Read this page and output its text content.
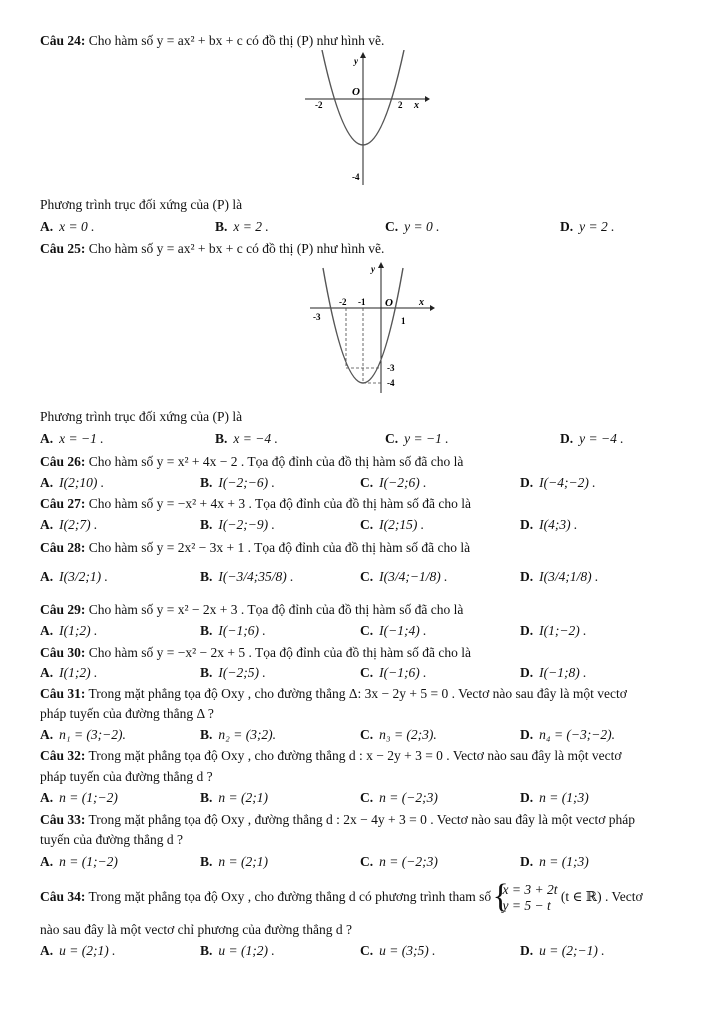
Câu 24: Cho hàm số y = ax² + bx + c có đồ thị (P) như hình vẽ.
y
x
O
-2	2
-4
Phương trình trục đối xứng của (P) là
A. x = 0 .	B. x = 2 .	C. y = 0 .	D. y = 2 .
Câu 25: Cho hàm số y = ax² + bx + c có đồ thị (P) như hình vẽ.
y
x
O
-3
-2 -1
1
-3
-4
Phương trình trục đối xứng của (P) là
A. x = −1 .	B. x = −4 .	C. y = −1 .	D. y = −4 .
Câu 26: Cho hàm số y = x² + 4x − 2 . Tọa độ đỉnh của đồ thị hàm số đã cho là
A. I(2;10) .	B. I(−2;−6) .	C. I(−2;6) .	D. I(−4;−2) .
Câu 27: Cho hàm số y = −x² + 4x + 3 . Tọa độ đỉnh của đồ thị hàm số đã cho là
A. I(2;7) .	B. I(−2;−9) .	C. I(2;15) .	D. I(4;3) .
Câu 28: Cho hàm số y = 2x² − 3x + 1 . Tọa độ đỉnh của đồ thị hàm số đã cho là
A. I(3/2;1) .	B. I(−3/4;35/8) .	C. I(3/4;−1/8) .	D. I(3/4;1/8) .
Câu 29: Cho hàm số y = x² − 2x + 3 . Tọa độ đỉnh của đồ thị hàm số đã cho là
A. I(1;2) .	B. I(−1;6) .	C. I(−1;4) .	D. I(1;−2) .
Câu 30: Cho hàm số y = −x² − 2x + 5 . Tọa độ đỉnh của đồ thị hàm số đã cho là
A. I(1;2) .	B. I(−2;5) .	C. I(−1;6) .	D. I(−1;8) .
Câu 31: Trong mặt phẳng tọa độ Oxy , cho đường thẳng Δ: 3x − 2y + 5 = 0 . Vectơ nào sau đây là một vectơ
pháp tuyến của đường thẳng Δ ?
A. n₁ = (3;−2).	B. n₂ = (3;2).	C. n₃ = (2;3).	D. n₄ = (−3;−2).
Câu 32: Trong mặt phẳng tọa độ Oxy , cho đường thẳng d : x − 2y + 3 = 0 . Vectơ nào sau đây là một vectơ
pháp tuyến của đường thẳng d ?
A. n = (1;−2)	B. n = (2;1)	C. n = (−2;3)	D. n = (1;3)
Câu 33: Trong mặt phẳng tọa độ Oxy , đường thẳng d : 2x − 4y + 3 = 0 . Vectơ nào sau đây là một vectơ pháp
tuyến của đường thẳng d ?
A. n = (1;−2)	B. n = (2;1)	C. n = (−2;3)	D. n = (1;3)
Câu 34: Trong mặt phẳng tọa độ Oxy , cho đường thẳng d có phương trình tham số
{ x = 3 + 2t
y = 5 − t
(t ∈ ℝ) . Vectơ
nào sau đây là một vectơ chỉ phương của đường thẳng d ?
A. u = (2;1) .	B. u = (1;2) .	C. u = (3;5) .	D. u = (2;−1) .
